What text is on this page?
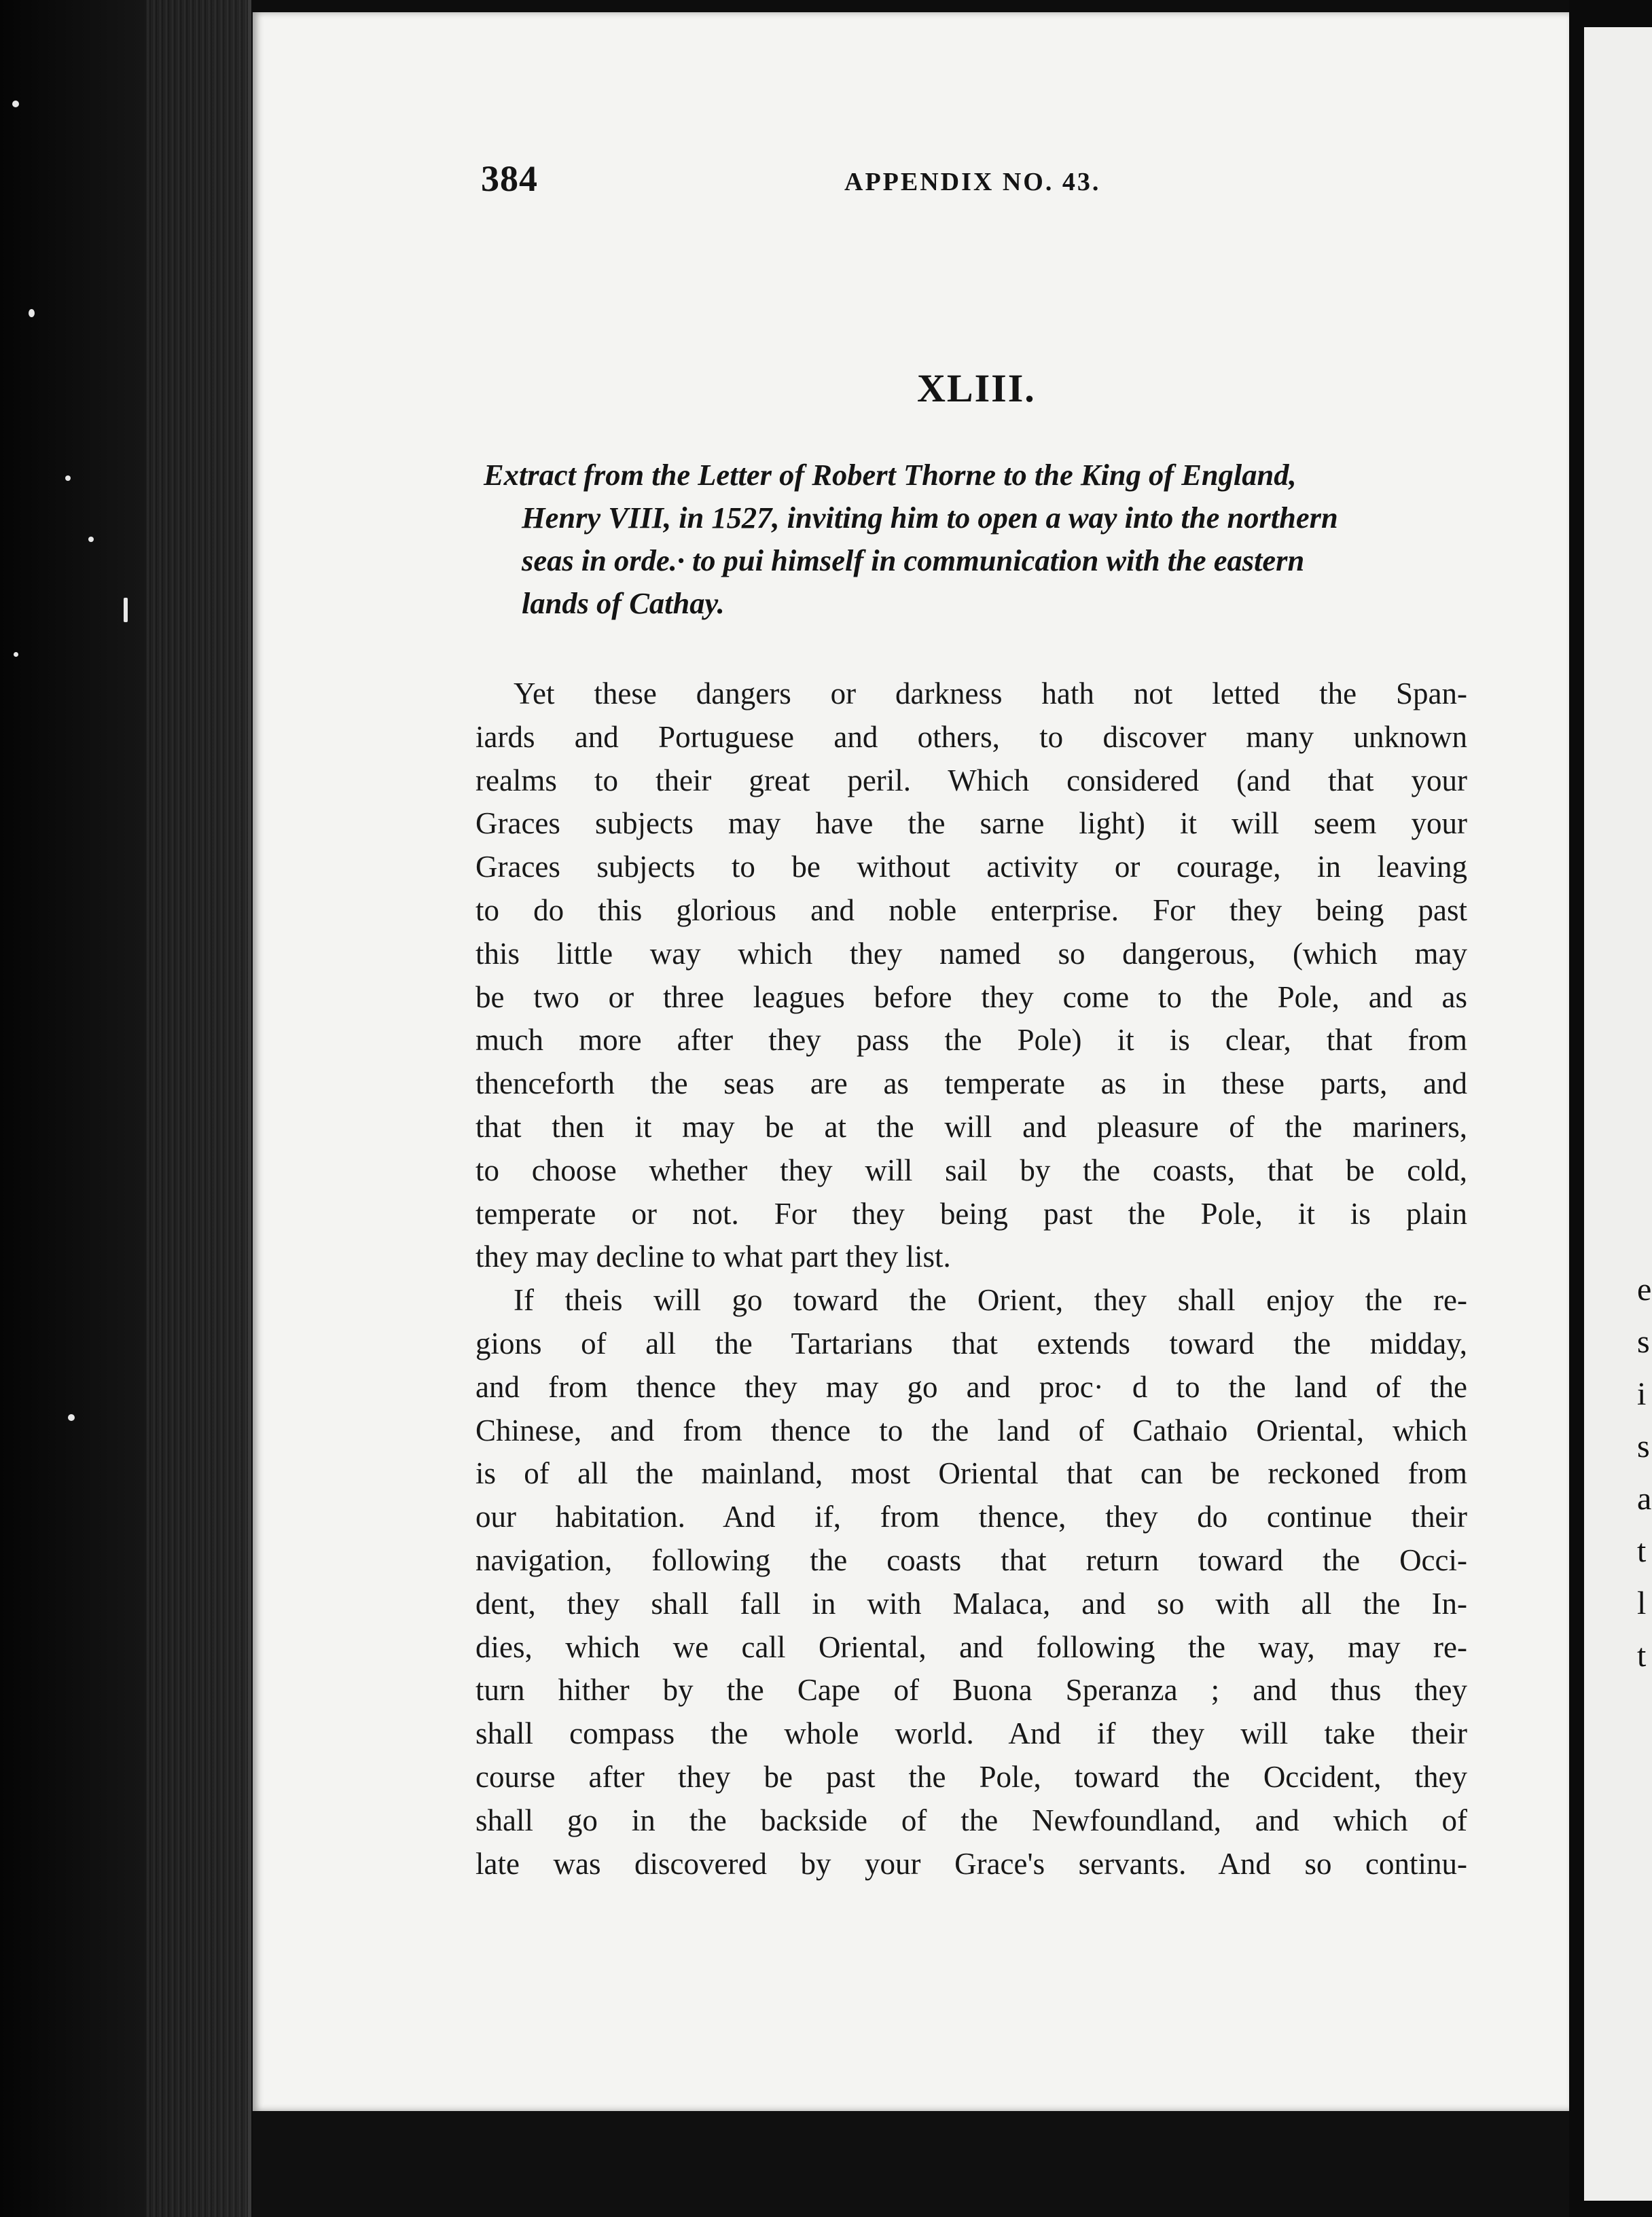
e
s
i
s
a
t
l
t
384	APPENDIX NO. 43.
XLIII.
Extract from the Letter of Robert Thorne to the King of England,
Henry VIII, in 1527, inviting him to open a way into the northern
seas in orde.· to pui himself in communication with the eastern
lands of Cathay.
Yet these dangers or darkness hath not letted the Span-
iards and Portuguese and others, to discover many unknown
realms to their great peril. Which considered (and that your
Graces subjects may have the sarne light) it will seem your
Graces subjects to be without activity or courage, in leaving
to do this glorious and noble enterprise. For they being past
this little way which they named so dangerous, (which may
be two or three leagues before they come to the Pole, and as
much more after they pass the Pole) it is clear, that from
thenceforth the seas are as temperate as in these parts, and
that then it may be at the will and pleasure of the mariners,
to choose whether they will sail by the coasts, that be cold,
temperate or not. For they being past the Pole, it is plain
they may decline to what part they list.
If theis will go toward the Orient, they shall enjoy the re-
gions of all the Tartarians that extends toward the midday,
and from thence they may go and proc· d to the land of the
Chinese, and from thence to the land of Cathaio Oriental, which
is of all the mainland, most Oriental that can be reckoned from
our habitation. And if, from thence, they do continue their
navigation, following the coasts that return toward the Occi-
dent, they shall fall in with Malaca, and so with all the In-
dies, which we call Oriental, and following the way, may re-
turn hither by the Cape of Buona Speranza ; and thus they
shall compass the whole world. And if they will take their
course after they be past the Pole, toward the Occident, they
shall go in the backside of the Newfoundland, and which of
late was discovered by your Grace's servants. And so continu-
